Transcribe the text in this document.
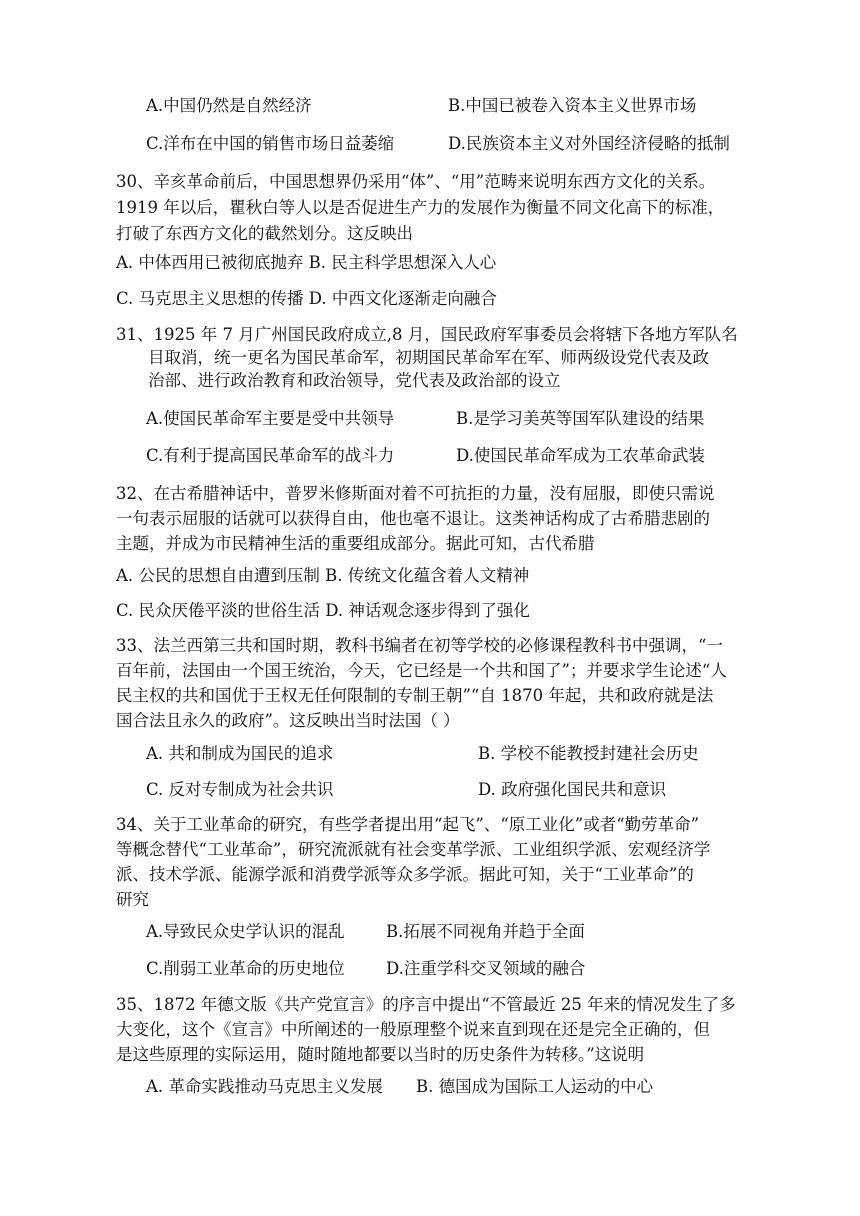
A.中国仍然是自然经济	B.中国已被卷入资本主义世界市场
C.洋布在中国的销售市场日益萎缩	D.民族资本主义对外国经济侵略的抵制
30、辛亥革命前后，中国思想界仍采用“体”、“用”范畴来说明东西方文化的关系。
1919 年以后，瞿秋白等人以是否促进生产力的发展作为衡量不同文化高下的标准，
打破了东西方文化的截然划分。这反映出
A. 中体西用已被彻底抛弃 B. 民主科学思想深入人心
C. 马克思主义思想的传播 D. 中西文化逐渐走向融合
31、1925 年 7 月广州国民政府成立,8 月，国民政府军事委员会将辖下各地方军队名
目取消，统一更名为国民革命军，初期国民革命军在军、师两级设党代表及政
治部、进行政治教育和政治领导，党代表及政治部的设立
A.使国民革命军主要是受中共领导	B.是学习美英等国军队建设的结果
C.有利于提高国民革命军的战斗力	D.使国民革命军成为工农革命武装
32、在古希腊神话中，普罗米修斯面对着不可抗拒的力量，没有屈服，即使只需说
一句表示屈服的话就可以获得自由，他也毫不退让。这类神话构成了古希腊悲剧的
主题，并成为市民精神生活的重要组成部分。据此可知，古代希腊
A. 公民的思想自由遭到压制 B. 传统文化蕴含着人文精神
C. 民众厌倦平淡的世俗生活 D. 神话观念逐步得到了强化
33、法兰西第三共和国时期，教科书编者在初等学校的必修课程教科书中强调，“一
百年前，法国由一个国王统治，今天，它已经是一个共和国了”；并要求学生论述“人
民主权的共和国优于王权无任何限制的专制王朝”“自 1870 年起，共和政府就是法
国合法且永久的政府”。这反映出当时法国（ ）
A. 共和制成为国民的追求	B. 学校不能教授封建社会历史
C. 反对专制成为社会共识	D. 政府强化国民共和意识
34、关于工业革命的研究，有些学者提出用“起飞”、“原工业化”或者“勤劳革命”
等概念替代“工业革命”，研究流派就有社会变革学派、工业组织学派、宏观经济学
派、技术学派、能源学派和消费学派等众多学派。据此可知，关于“工业革命”的
研究
A.导致民众史学认识的混乱	B.拓展不同视角并趋于全面
C.削弱工业革命的历史地位 D.注重学科交叉领域的融合
35、1872 年德文版《共产党宣言》的序言中提出“不管最近 25 年来的情况发生了多
大变化，这个《宣言》中所阐述的一般原理整个说来直到现在还是完全正确的，但
是这些原理的实际运用，随时随地都要以当时的历史条件为转移。”这说明
A. 革命实践推动马克思主义发展 B. 德国成为国际工人运动的中心
